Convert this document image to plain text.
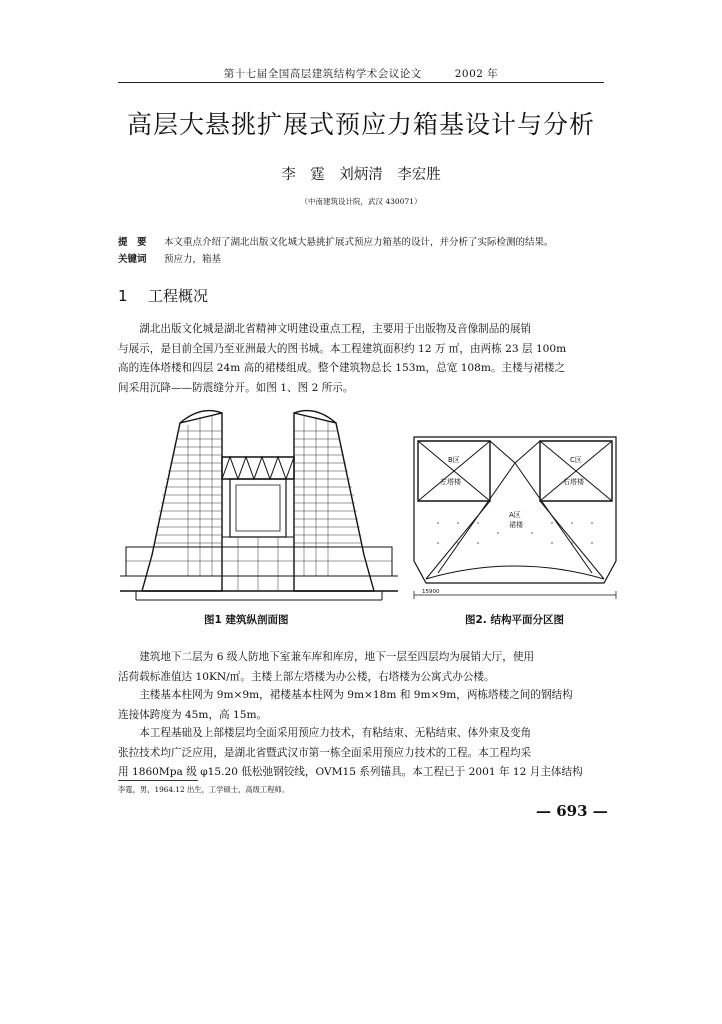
第十七届全国高层建筑结构学术会议论文　　　2002 年
高层大悬挑扩展式预应力箱基设计与分析
李　霆　刘炳清　李宏胜
（中南建筑设计院，武汉 430071）
提　要 本文重点介绍了湖北出版文化城大悬挑扩展式预应力箱基的设计，并分析了实际检测的结果。
关键词 预应力，箱基
1 工程概况
湖北出版文化城是湖北省精神文明建设重点工程，主要用于出版物及音像制品的展销
与展示，是目前全国乃至亚洲最大的图书城。本工程建筑面积约 12 万 ㎡，由两栋 23 层 100m
高的连体塔楼和四层 24m 高的裙楼组成。整个建筑物总长 153m，总宽 108m。主楼与裙楼之
间采用沉降——防震缝分开。如图 1、图 2 所示。
图1 建筑纵剖面图
B区	C区
左塔楼	右塔楼
A区
裙楼
15900
图2. 结构平面分区图
建筑地下二层为 6 级人防地下室兼车库和库房，地下一层至四层均为展销大厅，使用
活荷载标准值达 10KN/㎡。主楼上部左塔楼为办公楼，右塔楼为公寓式办公楼。
主楼基本柱网为 9m×9m，裙楼基本柱网为 9m×18m 和 9m×9m，两栋塔楼之间的钢结构
连接体跨度为 45m，高 15m。
本工程基础及上部楼层均全面采用预应力技术，有粘结束、无粘结束、体外束及变角
张拉技术均广泛应用，是湖北省暨武汉市第一栋全面采用预应力技术的工程。本工程均采
用 1860Mpa 级 φ15.20 低松弛钢铰线，OVM15 系列锚具。本工程已于 2001 年 12 月主体结构
李霆，男，1964.12 出生，工学硕士，高级工程师。
— 693 —
